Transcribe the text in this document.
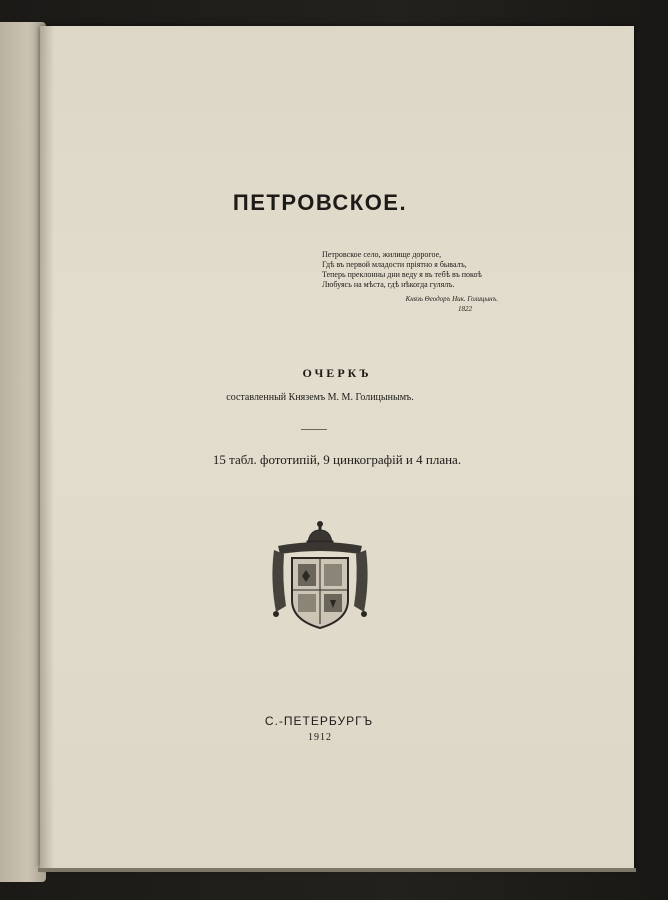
ПЕТРОВСКОЕ.
Петровское село, жилище дорогое,
Гдѣ въ первой младости прiятно я бывалъ,
Теперь преклонны дни веду я въ тебѣ въ покоѣ
Любуясь на мѣста, гдѣ нѣкогда гулялъ.
Князь Ѳеодоръ Ник. Голицынъ.
1822
ОЧЕРКЪ
составленный Княземъ М. М. Голицынымъ.
15 табл. фототипiй, 9 цинкографiй и 4 плана.
С.-ПЕТЕРБУРГЪ
1912
